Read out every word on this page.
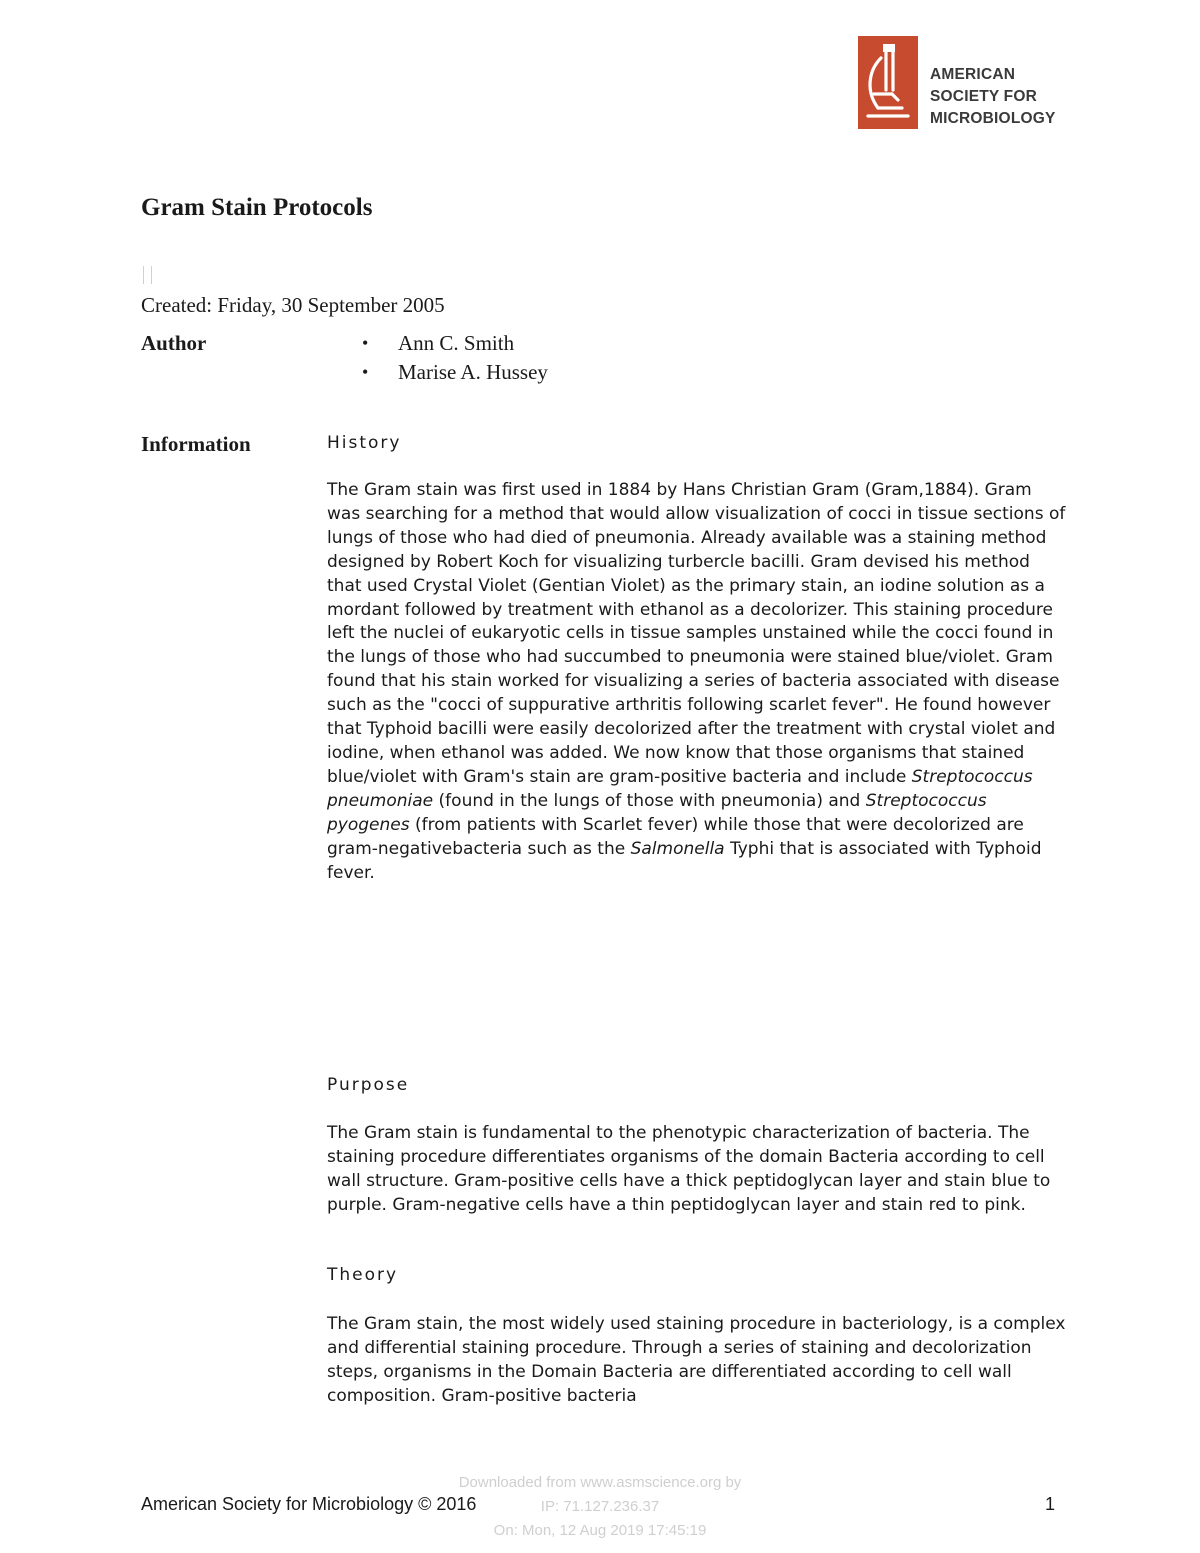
AMERICAN
SOCIETY FOR
MICROBIOLOGY
Gram Stain Protocols
Created: Friday, 30 September 2005
Author
•	Ann C. Smith
• Marise A. Hussey
Information	History

The Gram stain was first used in 1884 by Hans Christian Gram (Gram,1884). Gram was searching for a method that would allow visualization of cocci in tissue sections of lungs of those who had died of pneumonia. Already available was a staining method designed by Robert Koch for visualizing turbercle bacilli. Gram devised his method that used Crystal Violet (Gentian Violet) as the primary stain, an iodine solution as a mordant followed by treatment with ethanol as a decolorizer. This staining procedure left the nuclei of eukaryotic cells in tissue samples unstained while the cocci found in the lungs of those who had succumbed to pneumonia were stained blue/violet. Gram found that his stain worked for visualizing a series of bacteria associated with disease such as the "cocci of suppurative arthritis following scarlet fever". He found however that Typhoid bacilli were easily decolorized after the treatment with crystal violet and iodine, when ethanol was added. We now know that those organisms that stained blue/violet with Gram's stain are gram-positive bacteria and include Streptococcus pneumoniae (found in the lungs of those with pneumonia) and Streptococcus pyogenes (from patients with Scarlet fever) while those that were decolorized are gram-negativebacteria such as the Salmonella Typhi that is associated with Typhoid fever.

Purpose

The Gram stain is fundamental to the phenotypic characterization of bacteria. The staining procedure differentiates organisms of the domain Bacteria according to cell wall structure. Gram-positive cells have a thick peptidoglycan layer and stain blue to purple. Gram-negative cells have a thin peptidoglycan layer and stain red to pink.

Theory

The Gram stain, the most widely used staining procedure in bacteriology, is a complex and differential staining procedure. Through a series of staining and decolorization steps, organisms in the Domain Bacteria are differentiated according to cell wall composition. Gram-positive bacteria

American Society for Microbiology © 2016	1
Downloaded from www.asmscience.org by
IP: 71.127.236.37
On: Mon, 12 Aug 2019 17:45:19
